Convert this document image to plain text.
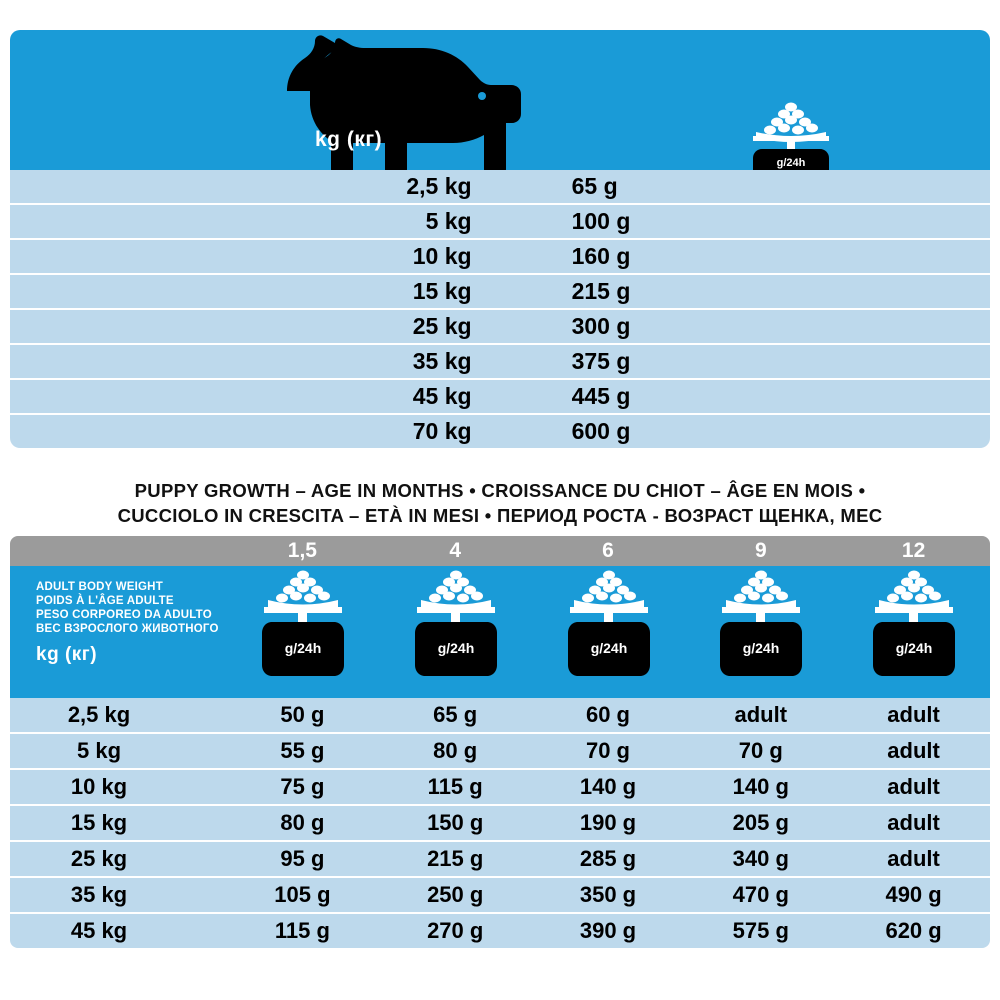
kg (кг)
g/24h
2,5 kg	65 g
5 kg	100 g
10 kg	160 g
15 kg	215 g
25 kg	300 g
35 kg	375 g
45 kg	445 g
70 kg	600 g
PUPPY GROWTH – AGE IN MONTHS • CROISSANCE DU CHIOT – ÂGE EN MOIS •
CUCCIOLO IN CRESCITA – ETÀ IN MESI • ПЕРИОД РОСТА - ВОЗРАСТ ЩЕНКА, МЕС
1,5	4	6	9	12
ADULT BODY WEIGHT
POIDS À L'ÂGE ADULTE
PESO CORPOREO DA ADULTO
ВЕС ВЗРОСЛОГО ЖИВОТНОГО
kg (кг)	g/24h	g/24h	g/24h	g/24h	g/24h
2,5 kg	50 g	65 g	60 g	adult	adult
5 kg	55 g	80 g	70 g	70 g	adult
10 kg	75 g	115 g	140 g	140 g	adult
15 kg	80 g	150 g	190 g	205 g	adult
25 kg	95 g	215 g	285 g	340 g	adult
35 kg	105 g	250 g	350 g	470 g	490 g
45 kg	115 g	270 g	390 g	575 g	620 g
